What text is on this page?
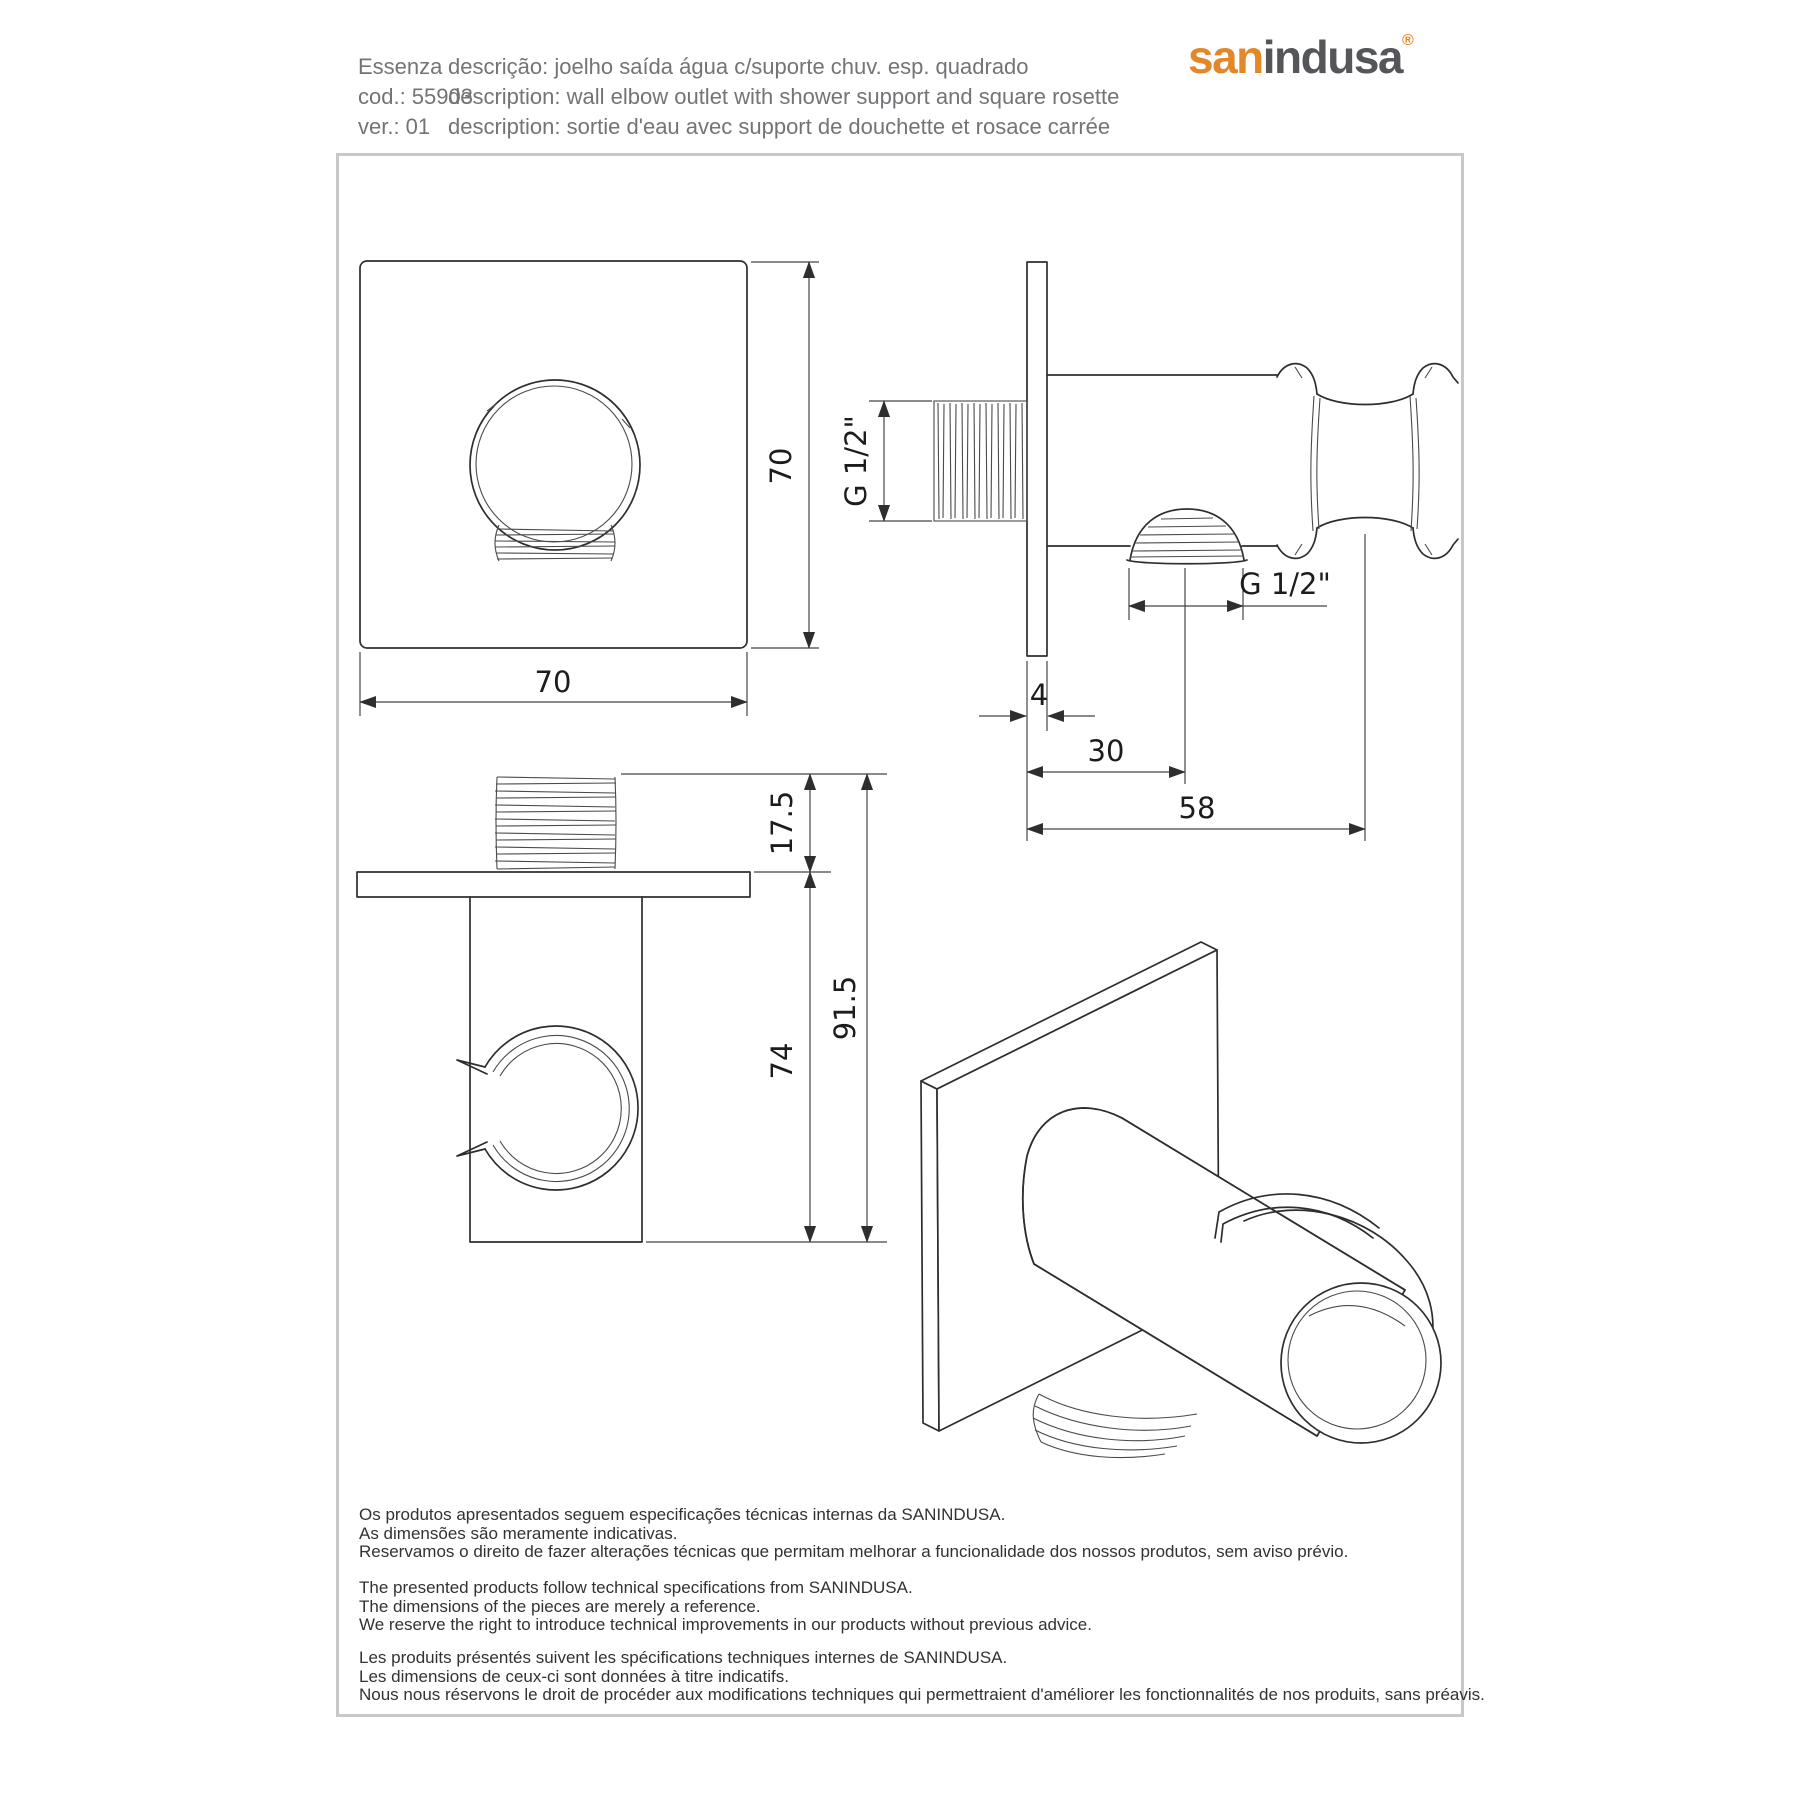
Essenza
cod.: 55903
ver.: 01
descrição: joelho saída água c/suporte chuv. esp. quadrado
description: wall elbow outlet with shower support and square rosette
description: sortie d'eau avec support de douchette et rosace carrée
sanindusa®
70
70
17.5
74
91.5
G 1/2"
G 1/2"
4
30
58
Os produtos apresentados seguem especificações técnicas internas da SANINDUSA.
As dimensões são meramente indicativas.
Reservamos o direito de fazer alterações técnicas que permitam melhorar a funcionalidade dos nossos produtos, sem aviso prévio.
The presented products follow technical specifications from SANINDUSA.
The dimensions of the pieces are merely a reference.
We reserve the right to introduce technical improvements in our products without previous advice.
Les produits présentés suivent les spécifications techniques internes de SANINDUSA.
Les dimensions de ceux-ci sont données à titre indicatifs.
Nous nous réservons le droit de procéder aux modifications techniques qui permettraient d'améliorer les fonctionnalités de nos produits, sans préavis.
